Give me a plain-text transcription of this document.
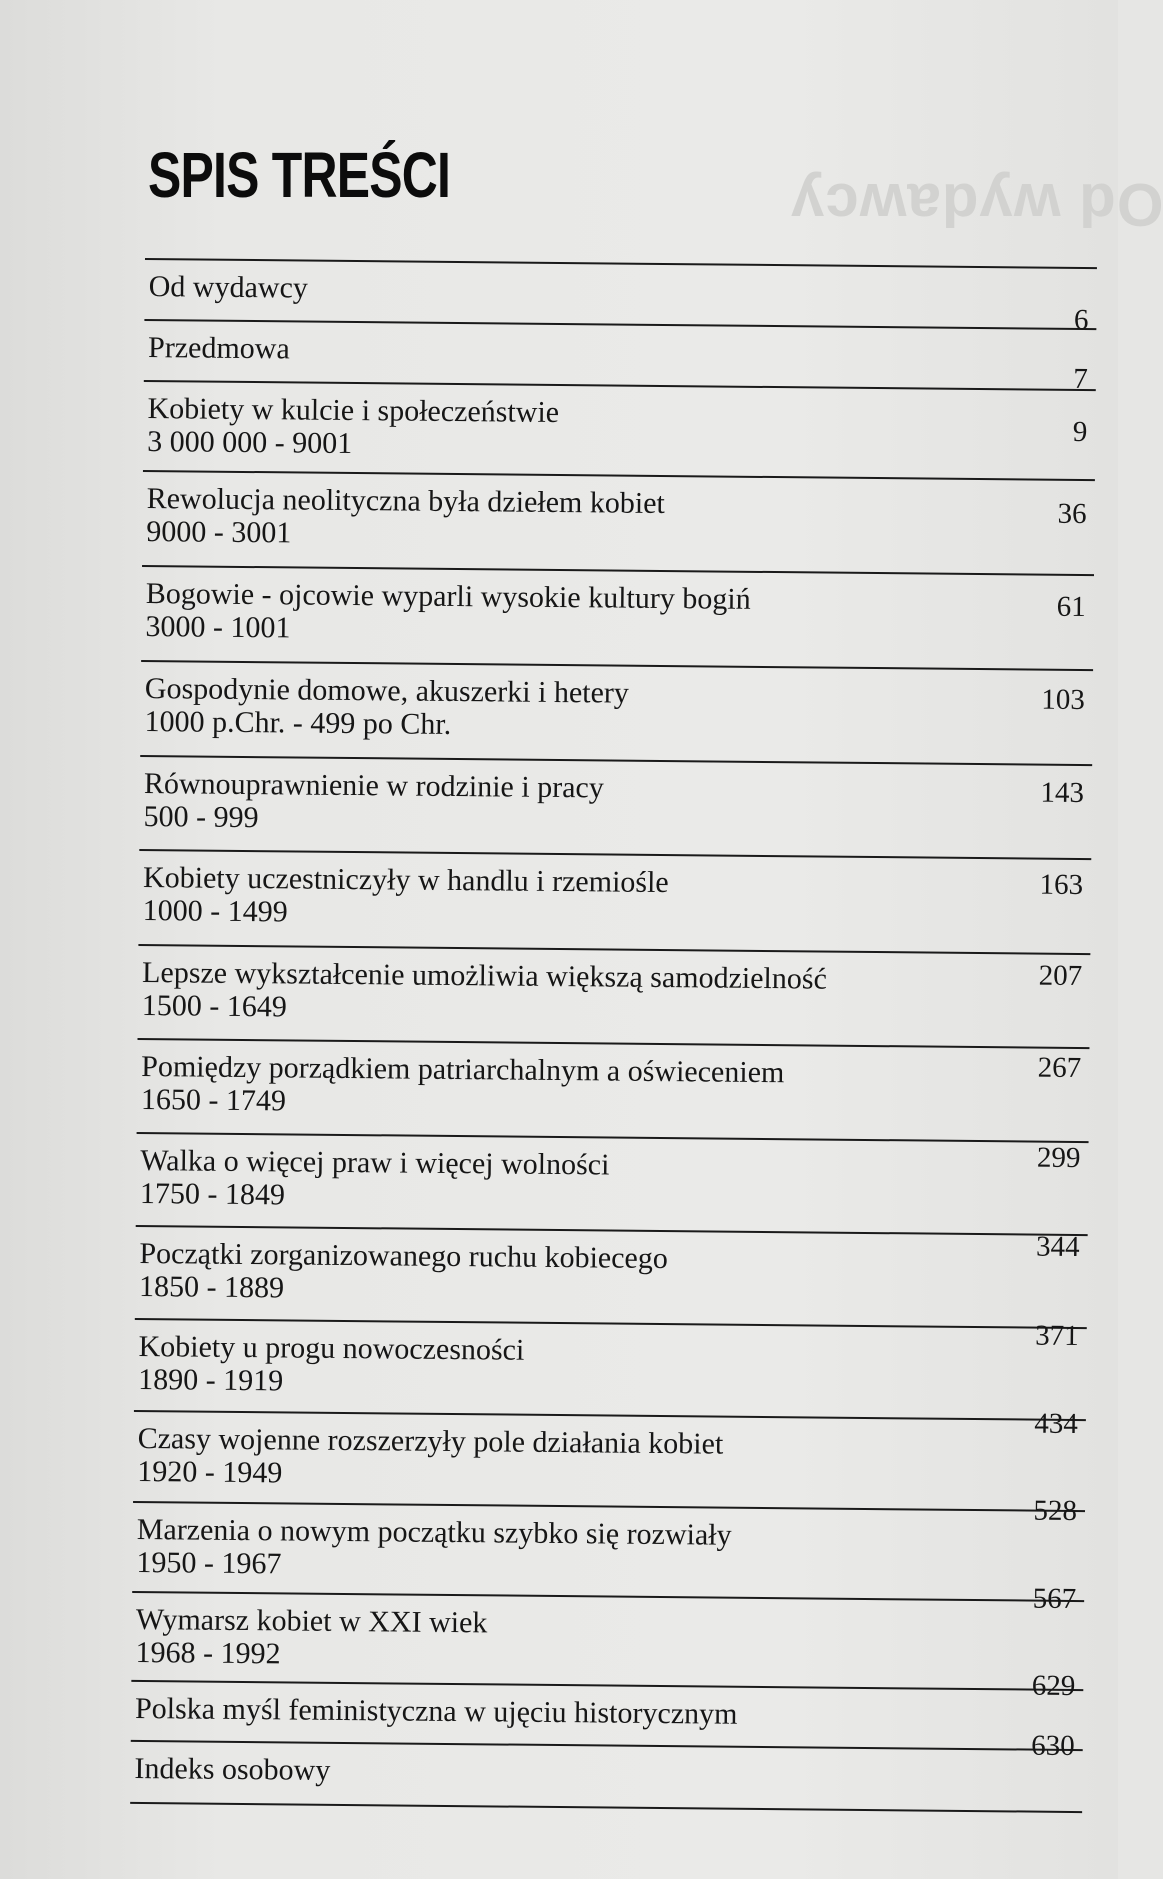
Od wydawcy
SPIS TREŚCI
Od wydawcy
6
Przedmowa
7
Kobiety w kulcie i społeczeństwie
3 000 000 - 9001	9
Rewolucja neolityczna była dziełem kobiet
9000 - 3001
36
Bogowie - ojcowie wyparli wysokie kultury bogiń
3000 - 1001
61
Gospodynie domowe, akuszerki i hetery
1000 p.Chr. - 499 po Chr.
103
Równouprawnienie w rodzinie i pracy
500 - 999
143
Kobiety uczestniczyły w handlu i rzemiośle
1000 - 1499
163
Lepsze wykształcenie umożliwia większą samodzielność
1500 - 1649
207
Pomiędzy porządkiem patriarchalnym a oświeceniem
1650 - 1749
267
Walka o więcej praw i więcej wolności
1750 - 1849
299
Początki zorganizowanego ruchu kobiecego
1850 - 1889
344
Kobiety u progu nowoczesności
1890 - 1919
371
Czasy wojenne rozszerzyły pole działania kobiet
1920 - 1949
434
Marzenia o nowym początku szybko się rozwiały
1950 - 1967
528
Wymarsz kobiet w XXI wiek
1968 - 1992
567
Polska myśl feministyczna w ujęciu historycznym
629
Indeks osobowy
630
